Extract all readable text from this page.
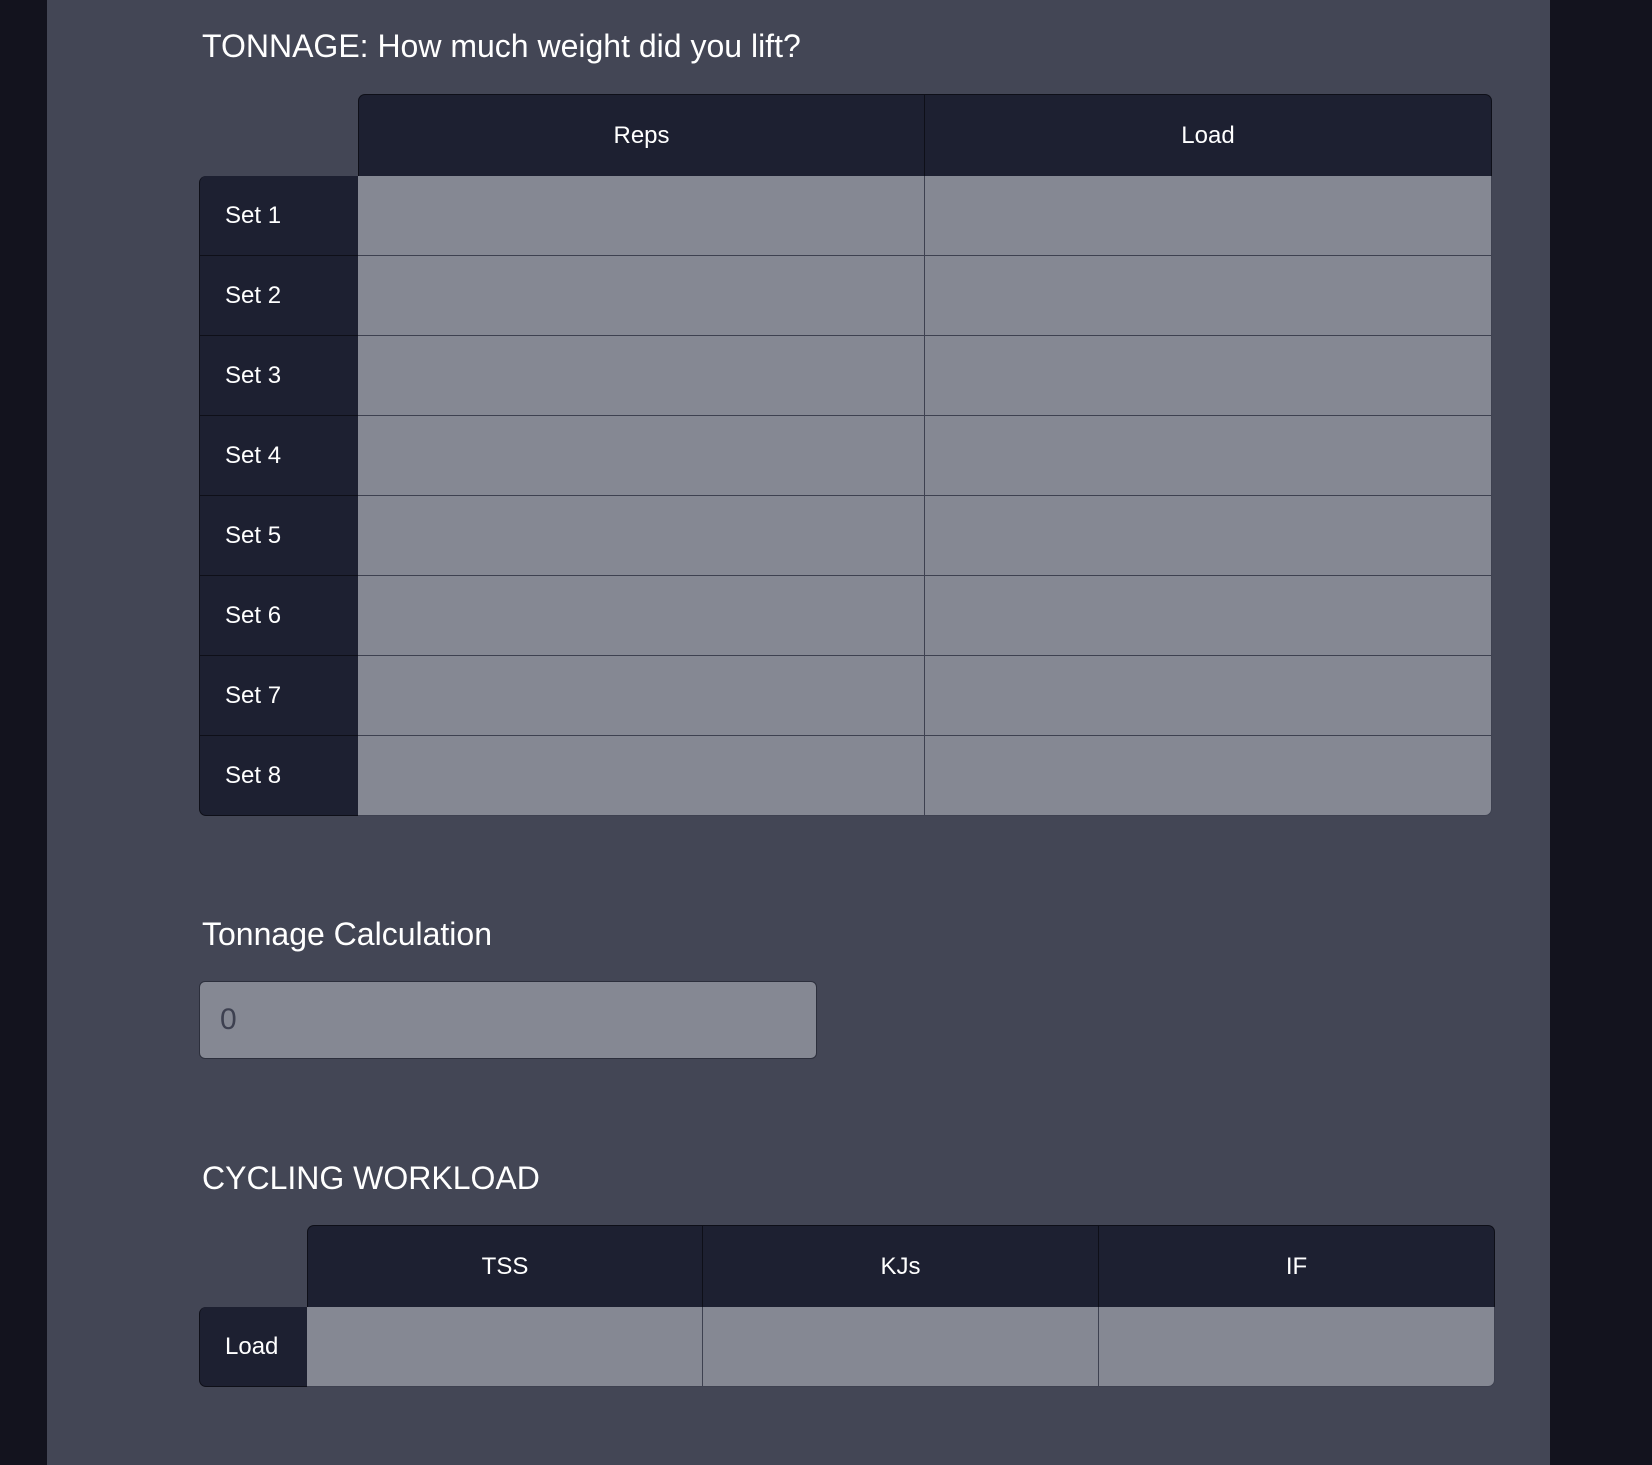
TONNAGE: How much weight did you lift?
	Reps	Load
Set 1		
Set 2		
Set 3		
Set 4		
Set 5		
Set 6		
Set 7		
Set 8		
Tonnage Calculation
0
CYCLING WORKLOAD
	TSS	KJs	IF
Load			
